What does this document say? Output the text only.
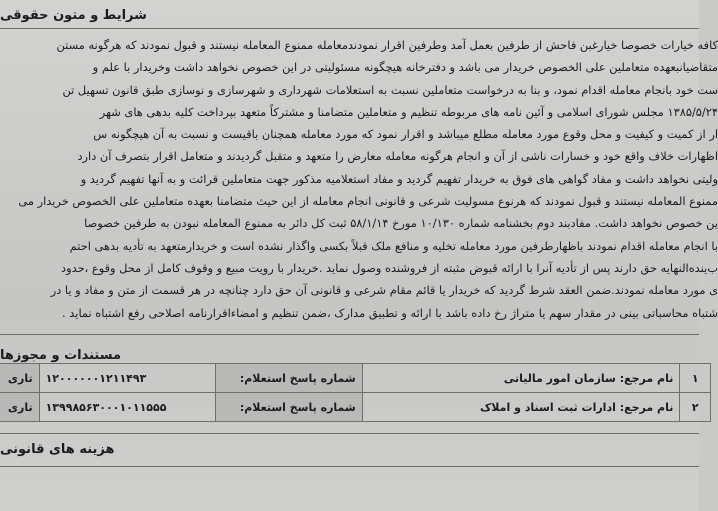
شرایط و متون حقوقی
کافه خیارات خصوصا خیارغبن فاحش از طرفین بعمل آمد وطرفین اقرار نمودندمعامله ممنوع المعامله نیستند و قبول نمودند که هرگونه مستن
متقاضیانبعهده متعاملین علی الخصوص خریدار می باشد و دفترخانه هیچگونه مسئولیتی در این خصوص نخواهد داشت وخریدار با علم و
ست خود بانجام معامله اقدام نمود، و بنا به درخواست متعاملین نسبت به استعلامات شهرداری و شهرسازی و نوسازی طبق قانون تسهیل تن
۱۳۸۵/۵/۲۴ مجلس شورای اسلامی و آئین نامه های مربوطه تنظیم و متعاملین متضامنا و مشترکاً متعهد بپرداخت کلیه بدهی های شهر
ار از کمیت و کیفیت و محل وقوع مورد معامله مطلع میباشد و اقرار نمود که مورد معامله همچنان باقیست و نسبت به آن هیچگونه س
اظهارات خلاف واقع خود و خسارات ناشی از آن و انجام هرگونه معامله معارض را متعهد و متقبل گردیدند و متعامل اقرار بتصرف آن دارد
ولیتی نخواهد داشت و مفاد گواهی های فوق به خریدار تفهیم گردید و مفاد استعلامیه مذکور جهت متعاملین قرائت و به آنها تفهیم گردید و
ممنوع المعامله نیستند و قبول نمودند که هرنوع مسولیت شرعی و قانونی انجام معامله از این حیث متضامنا بعهده متعاملین علی الخصوص خریدار می
ین خصوص نخواهد داشت. مفادبند دوم بخشنامه شماره ۱۰/۱۳۰ مورخ ۵۸/۱/۱۴ ثبت کل دائر به ممنوع المعامله نبودن به طرفین خصوصا
با انجام معامله اقدام نمودند باظهارطرفین مورد معامله تخلیه و منافع ملک قبلاً بکسی واگذار نشده است و خریدارمتعهد به تأدیه بدهی احتم
ب‌ینده‌النهایه حق دارند پس از تأدیه آنرا با ارائه قبوض مثبته از فروشنده وصول نماید .خریدار با رویت مبیع و وقوف کامل از محل وقوع ،حدود
ی مورد معامله نمودند.ضمن العقد شرط گردید که خریدار یا قائم مقام شرعی و قانونی آن حق دارد چنانچه در هر قسمت از متن و مفاد و یا در
شتباه محاسباتی بینی در مقدار سهم یا متراژ رخ داده باشد با ارائه و تطبیق مدارک ،ضمن تنظیم و امضاءاقرارنامه اصلاحی رفع اشتباه نماید .
مستندات و مجوزها
۱	نام مرجع: سازمان امور مالیاتی	شماره پاسخ استعلام:	۱۲۰۰۰۰۰۰۱۲۱۱۴۹۳	تاری
۲	نام مرجع: ادارات ثبت اسناد و املاک	شماره پاسخ استعلام:	۱۳۹۹۸۵۶۳۰۰۰۱۰۱۱۵۵۵	تاری
هزینه های قانونی
